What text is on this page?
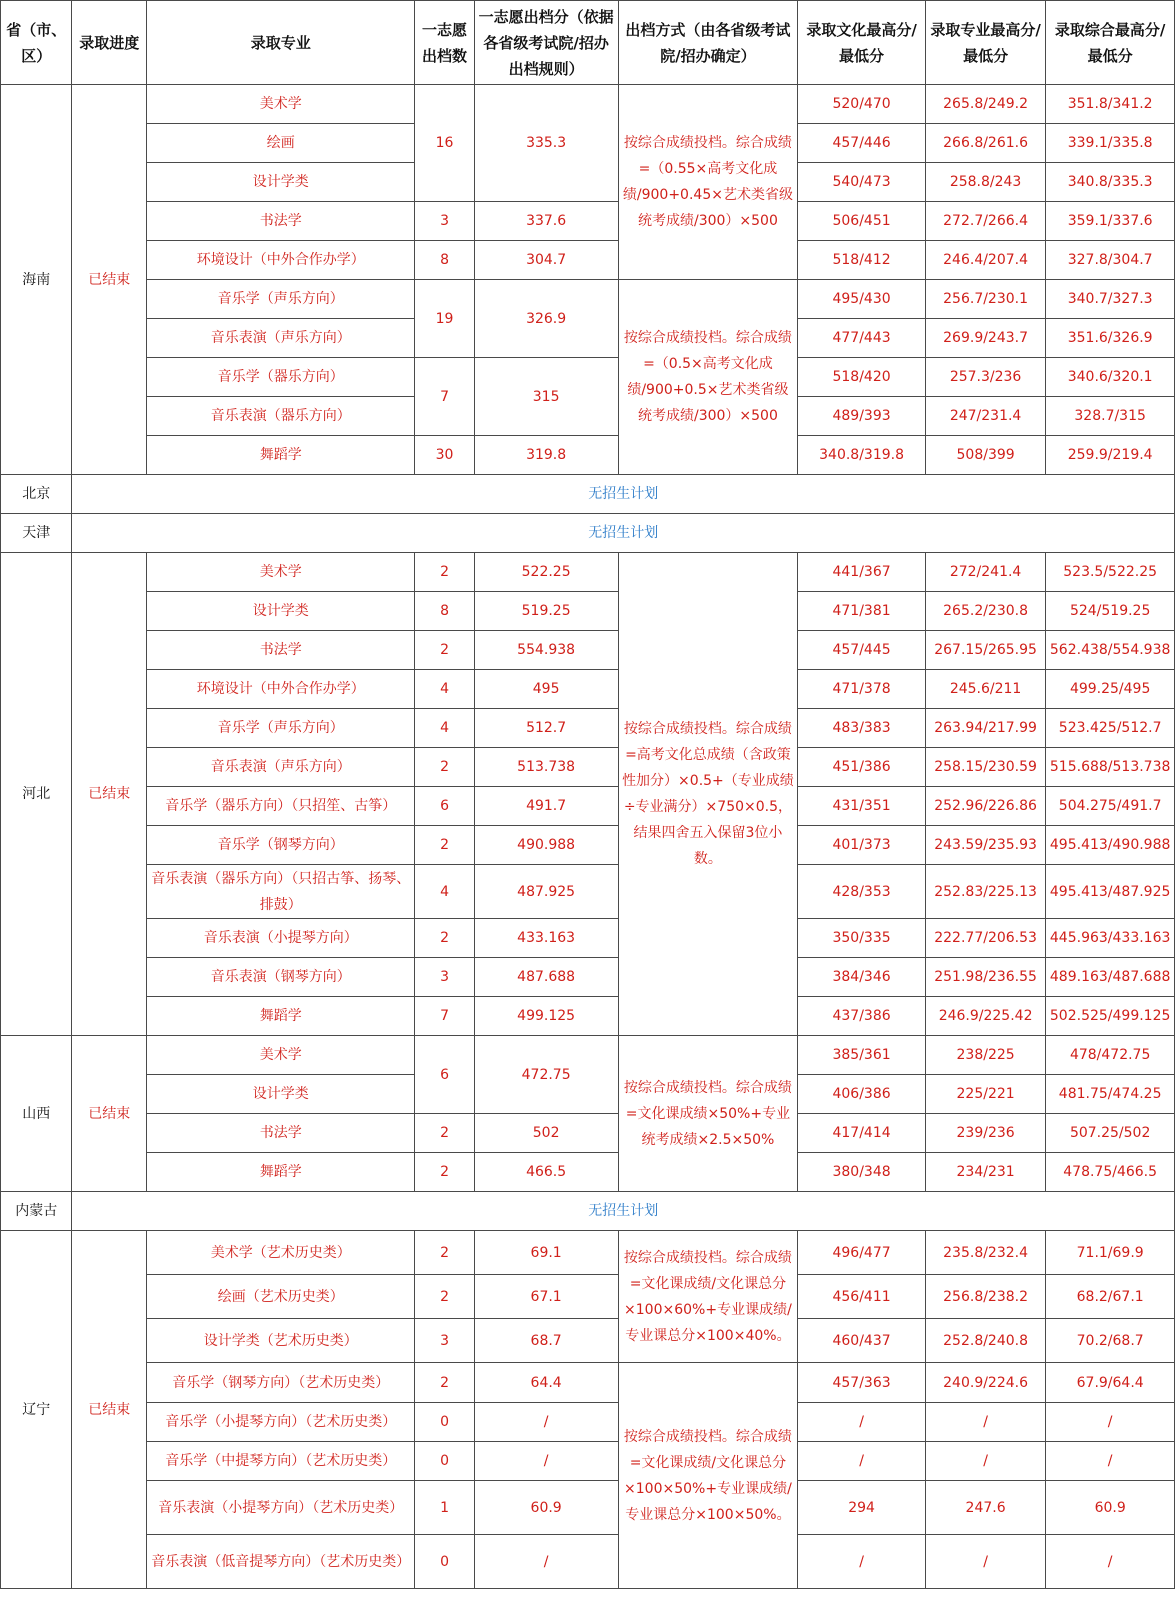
省（市、区）	录取进度	录取专业	一志愿出档数	一志愿出档分（依据各省级考试院/招办出档规则）	出档方式（由各省级考试院/招办确定）	录取文化最高分/最低分	录取专业最高分/最低分	录取综合最高分/最低分
海南	已结束	美术学	16	335.3	按综合成绩投档。综合成绩=（0.55×高考文化成绩/900+0.45×艺术类省级统考成绩/300）×500	520/470	265.8/249.2	351.8/341.2
		绘画				457/446	266.8/261.6	339.1/335.8
		设计学类				540/473	258.8/243	340.8/335.3
		书法学	3	337.6		506/451	272.7/266.4	359.1/337.6
		环境设计（中外合作办学）	8	304.7		518/412	246.4/207.4	327.8/304.7
		音乐学（声乐方向）	19	326.9	按综合成绩投档。综合成绩=（0.5×高考文化成绩/900+0.5×艺术类省级统考成绩/300）×500	495/430	256.7/230.1	340.7/327.3
		音乐表演（声乐方向）				477/443	269.9/243.7	351.6/326.9
		音乐学（器乐方向）	7	315		518/420	257.3/236	340.6/320.1
		音乐表演（器乐方向）				489/393	247/231.4	328.7/315
		舞蹈学	30	319.8		340.8/319.8	508/399	259.9/219.4
北京	无招生计划							
天津	无招生计划							
河北	已结束	美术学	2	522.25	按综合成绩投档。综合成绩=高考文化总成绩（含政策性加分）×0.5+（专业成绩÷专业满分）×750×0.5，结果四舍五入保留3位小数。	441/367	272/241.4	523.5/522.25
		设计学类	8	519.25		471/381	265.2/230.8	524/519.25
		书法学	2	554.938		457/445	267.15/265.95	562.438/554.938
		环境设计（中外合作办学）	4	495		471/378	245.6/211	499.25/495
		音乐学（声乐方向）	4	512.7		483/383	263.94/217.99	523.425/512.7
		音乐表演（声乐方向）	2	513.738		451/386	258.15/230.59	515.688/513.738
		音乐学（器乐方向）（只招笙、古筝）	6	491.7		431/351	252.96/226.86	504.275/491.7
		音乐学（钢琴方向）	2	490.988		401/373	243.59/235.93	495.413/490.988
		音乐表演（器乐方向）（只招古筝、扬琴、排鼓）	4	487.925		428/353	252.83/225.13	495.413/487.925
		音乐表演（小提琴方向）	2	433.163		350/335	222.77/206.53	445.963/433.163
		音乐表演（钢琴方向）	3	487.688		384/346	251.98/236.55	489.163/487.688
		舞蹈学	7	499.125		437/386	246.9/225.42	502.525/499.125
山西	已结束	美术学	6	472.75	按综合成绩投档。综合成绩=文化课成绩×50%+专业统考成绩×2.5×50%	385/361	238/225	478/472.75
		设计学类				406/386	225/221	481.75/474.25
		书法学	2	502		417/414	239/236	507.25/502
		舞蹈学	2	466.5		380/348	234/231	478.75/466.5
内蒙古	无招生计划							
辽宁	已结束	美术学（艺术历史类）	2	69.1	按综合成绩投档。综合成绩=文化课成绩/文化课总分×100×60%+专业课成绩/专业课总分×100×40%。	496/477	235.8/232.4	71.1/69.9
		绘画（艺术历史类）	2	67.1		456/411	256.8/238.2	68.2/67.1
		设计学类（艺术历史类）	3	68.7		460/437	252.8/240.8	70.2/68.7
		音乐学（钢琴方向）（艺术历史类）	2	64.4	按综合成绩投档。综合成绩=文化课成绩/文化课总分×100×50%+专业课成绩/专业课总分×100×50%。	457/363	240.9/224.6	67.9/64.4
		音乐学（小提琴方向）（艺术历史类）	0	/		/	/	/
		音乐学（中提琴方向）（艺术历史类）	0	/		/	/	/
		音乐表演（小提琴方向）（艺术历史类）	1	60.9		294	247.6	60.9
		音乐表演（低音提琴方向）（艺术历史类）	0	/		/	/	/
